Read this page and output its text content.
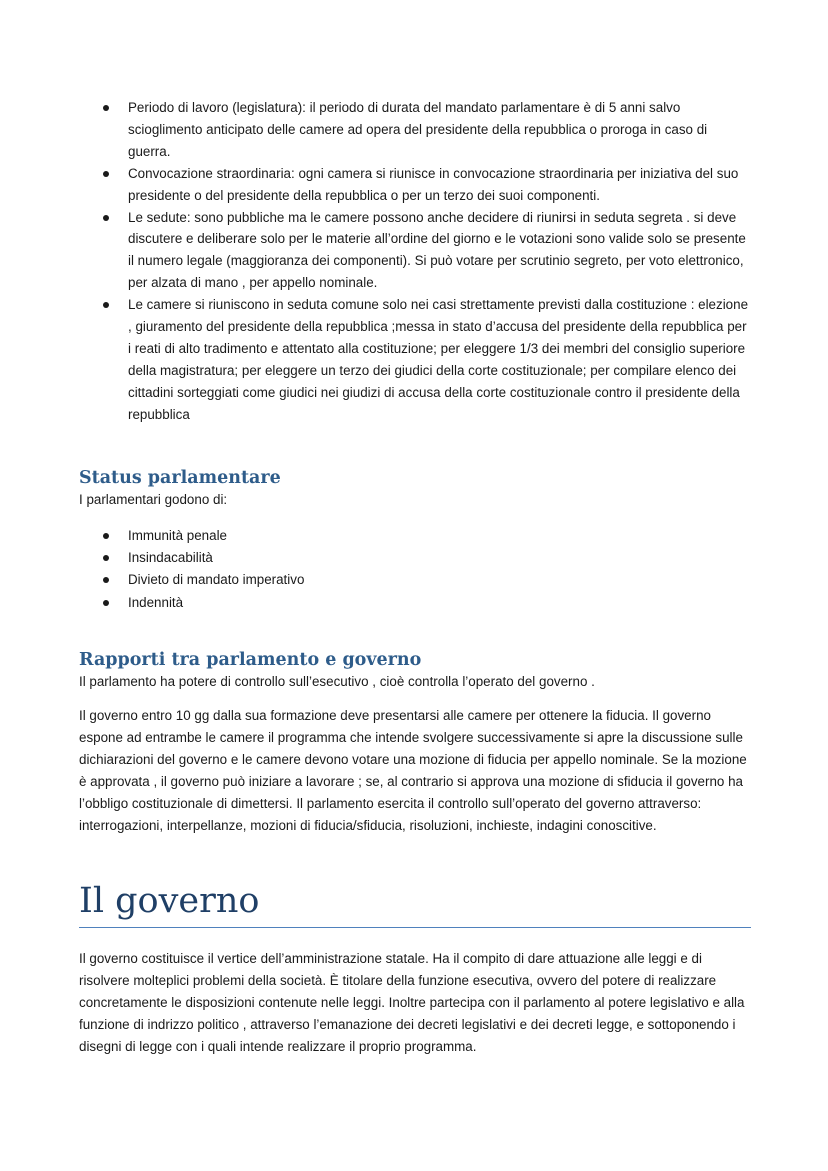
Periodo di lavoro (legislatura): il periodo di durata del mandato parlamentare è di 5 anni salvo scioglimento anticipato delle camere ad opera del presidente della repubblica o proroga in caso di guerra.
Convocazione straordinaria: ogni camera si riunisce in convocazione straordinaria per iniziativa del suo presidente o del presidente della repubblica o per un terzo dei suoi componenti.
Le sedute: sono pubbliche ma le camere possono anche decidere di riunirsi in seduta segreta . si deve discutere e deliberare solo per le materie all’ordine del giorno e le votazioni sono valide solo se presente il numero legale (maggioranza dei componenti). Si può votare per scrutinio segreto, per voto elettronico, per alzata di mano , per appello nominale.
Le camere si riuniscono in seduta comune solo nei casi strettamente previsti dalla costituzione : elezione , giuramento del presidente della repubblica ;messa in stato d’accusa del presidente della repubblica per i reati di alto tradimento e attentato alla costituzione; per eleggere 1/3 dei membri del consiglio superiore della magistratura; per eleggere un terzo dei giudici della corte costituzionale; per compilare elenco dei cittadini sorteggiati come giudici nei giudizi di accusa della corte costituzionale contro il presidente della repubblica
Status parlamentare

I parlamentari godono di:

Immunità penale
Insindacabilità
Divieto di mandato imperativo
Indennità
Rapporti tra parlamento e governo

Il parlamento ha potere di controllo sull’esecutivo , cioè controlla l’operato del governo .

Il governo entro 10 gg dalla sua formazione deve presentarsi alle camere per ottenere la fiducia. Il governo espone ad entrambe le camere il programma che intende svolgere successivamente si apre la discussione sulle dichiarazioni del governo e le camere devono votare una mozione di fiducia per appello nominale. Se la mozione è approvata , il governo può iniziare a lavorare ; se, al contrario si approva una mozione di sfiducia il governo ha l’obbligo costituzionale di dimettersi. Il parlamento esercita il controllo sull’operato del governo attraverso: interrogazioni, interpellanze, mozioni di fiducia/sfiducia, risoluzioni, inchieste, indagini conoscitive.

Il governo

Il governo costituisce il vertice dell’amministrazione statale. Ha il compito di dare attuazione alle leggi e di risolvere molteplici problemi della società. È titolare della funzione esecutiva, ovvero del potere di realizzare concretamente le disposizioni contenute nelle leggi. Inoltre partecipa con il parlamento al potere legislativo e alla funzione di indrizzo politico , attraverso l’emanazione dei decreti legislativi e dei decreti legge, e sottoponendo i disegni di legge con i quali intende realizzare il proprio programma.
